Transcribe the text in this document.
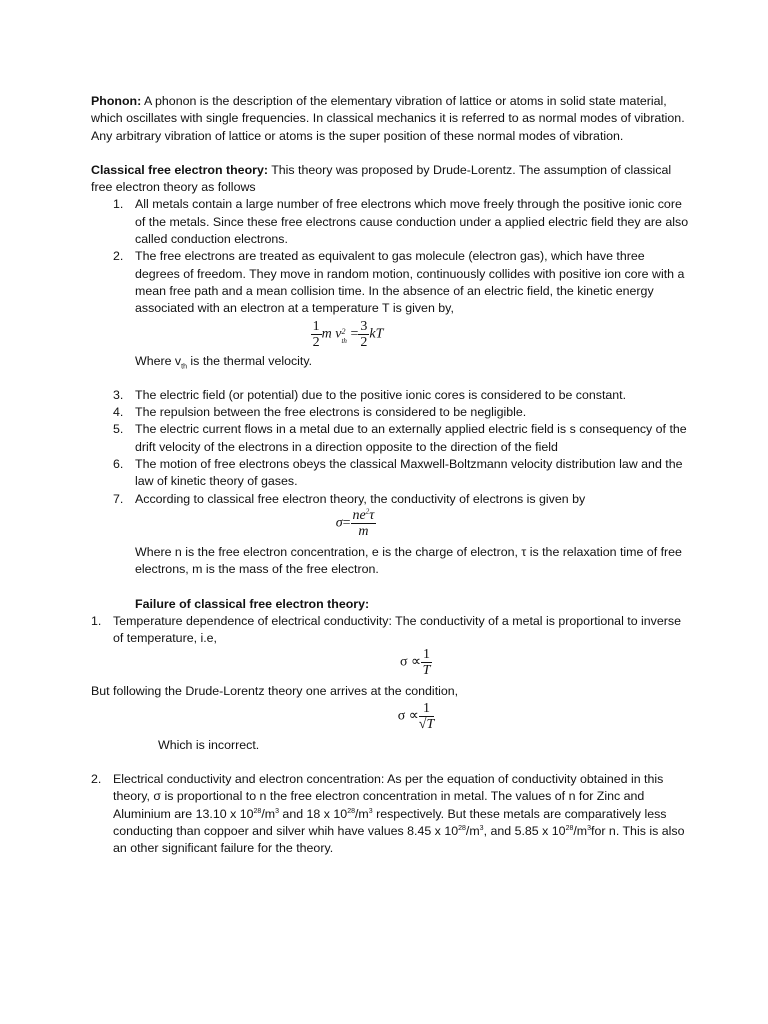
Phonon: A phonon is the description of the elementary vibration of lattice or atoms in solid state material, which oscillates with single frequencies. In classical mechanics it is referred to as normal modes of vibration. Any arbitrary vibration of lattice or atoms is the super position of these normal modes of vibration.

Classical free electron theory: This theory was proposed by Drude-Lorentz. The assumption of classical free electron theory as follows

1. All metals contain a large number of free electrons which move freely through the positive ionic core of the metals. Since these free electrons cause conduction under a applied electric field they are also called conduction electrons.
2. The free electrons are treated as equivalent to gas molecule (electron gas), which have three degrees of freedom. They move in random motion, continuously collides with positive ion core with a mean free path and a mean collision time. In the absence of an electric field, the kinetic energy associated with an electron at a temperature T is given by,
$\frac{1}{2}$ m v 2
th = $\frac{3}{2}$ kT

Where $v_{th}$ is the thermal velocity.

3. The electric field (or potential) due to the positive ionic cores is considered to be constant.
4. The repulsion between the free electrons is considered to be negligible.
5. The electric current flows in a metal due to an externally applied electric field is s consequency of the drift velocity of the electrons in a direction opposite to the direction of the field
6. The motion of free electrons obeys the classical Maxwell-Boltzmann velocity distribution law and the law of kinetic theory of gases.
7. According to classical free electron theory, the conductivity of electrons is given by
$\sigma= \frac{ne^2\tau}{m}$

Where n is the free electron concentration, e is the charge of electron, τ is the relaxation time of free electrons, m is the mass of the free electron.

Failure of classical free electron theory:

1. Temperature dependence of electrical conductivity: The conductivity of a metal is proportional to inverse of temperature, i.e,
$\sigma \propto \frac{1}{T}$

But following the Drude-Lorentz theory one arrives at the condition,

$\sigma \propto \frac{1}{√T}$

Which is incorrect.

2. Electrical conductivity and electron concentration: As per the equation of conductivity obtained in this theory, σ is proportional to n the free electron concentration in metal. The values of n for Zinc and Aluminium are 13.10 x $10^{28}/m^3$ and 18 x $10^{28}/m^3$ respectively. But these metals are comparatively less conducting than coppoer and silver whih have values 8.45 x $10^{28}/m^3$, and 5.85 x $10^{28}/m^3for$ n. This is also an other significant failure for the theory.
